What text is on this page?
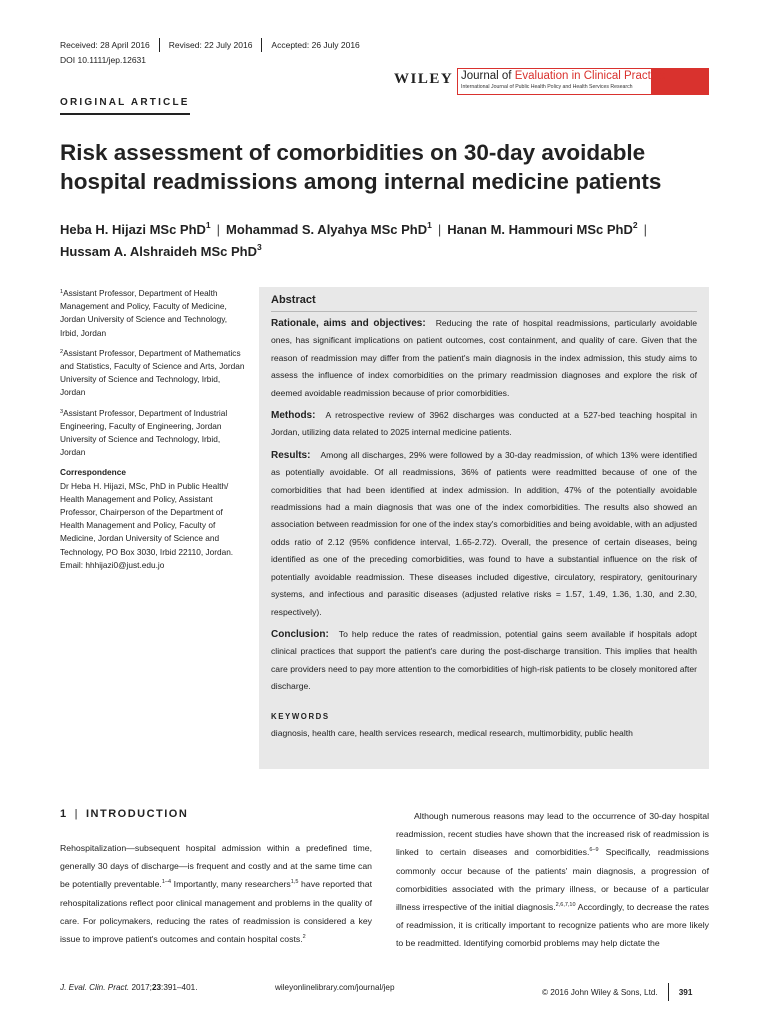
Received: 28 April 2016 Revised: 22 July 2016 Accepted: 26 July 2016
DOI 10.1111/jep.12631
WILEY Journal of Evaluation in Clinical Practice
International Journal of Public Health Policy and Health Services Research
ORIGINAL ARTICLE
Risk assessment of comorbidities on 30-day avoidable hospital readmissions among internal medicine patients
Heba H. Hijazi MSc PhD$^1$ | Mohammad S. Alyahya MSc PhD$^1$ | Hanan M. Hammouri MSc PhD$^2$ |
Hussam A. Alshraideh MSc PhD$^3$

$^1$Assistant Professor, Department of Health Management and Policy, Faculty of Medicine, Jordan University of Science and Technology, Irbid, Jordan

$^2$Assistant Professor, Department of Mathematics and Statistics, Faculty of Science and Arts, Jordan University of Science and Technology, Irbid, Jordan

$^3$Assistant Professor, Department of Industrial Engineering, Faculty of Engineering, Jordan University of Science and Technology, Irbid, Jordan

Correspondence

Dr Heba H. Hijazi, MSc, PhD in Public Health/ Health Management and Policy, Assistant Professor, Chairperson of the Department of Health Management and Policy, Faculty of Medicine, Jordan University of Science and Technology, PO Box 3030, Irbid 22110, Jordan. Email: hhhijazi0@just.edu.jo

Abstract

Rationale, aims and objectives: Reducing the rate of hospital readmissions, particularly avoidable ones, has significant implications on patient outcomes, cost containment, and quality of care. Given that the reason of readmission may differ from the patient's main diagnosis in the index admission, this study aims to assess the influence of index comorbidities on the primary readmission diagnoses and explore the risk of deemed avoidable readmission because of prior comorbidities.

Methods: A retrospective review of 3962 discharges was conducted at a 527-bed teaching hospital in Jordan, utilizing data related to 2025 internal medicine patients.

Results: Among all discharges, 29% were followed by a 30-day readmission, of which 13% were identified as potentially avoidable. Of all readmissions, 36% of patients were readmitted because of one of the comorbidities that had been identified at index admission. In addition, 47% of the potentially avoidable readmissions had a main diagnosis that was one of the index comorbidities. The results also showed an association between readmission for one of the index stay's comorbidities and being avoidable, with an adjusted odds ratio of 2.12 (95% confidence interval, 1.65-2.72). Overall, the presence of certain diseases, being identified as one of the preceding comorbidities, was found to have a substantial influence on the risk of potentially avoidable readmission. These diseases included digestive, circulatory, respiratory, genitourinary systems, and infectious and parasitic diseases (adjusted relative risks = 1.57, 1.49, 1.36, 1.30, and 2.30, respectively).

Conclusion: To help reduce the rates of readmission, potential gains seem available if hospitals adopt clinical practices that support the patient's care during the post-discharge transition. This implies that health care providers need to pay more attention to the comorbidities of high-risk patients to be closely monitored after discharge.

KEYWORDS

diagnosis, health care, health services research, medical research, multimorbidity, public health

1 | INTRODUCTION

Rehospitalization—subsequent hospital admission within a predefined time, generally 30 days of discharge—is frequent and costly and at the same time can be potentially preventable.$^{1-4}$ Importantly, many researchers$^{1,5}$ have reported that rehospitalizations reflect poor clinical management and problems in the quality of care. For policymakers, reducing the rates of readmission is considered a key issue to improve patient's outcomes and contain hospital costs.$^2$

Although numerous reasons may lead to the occurrence of 30-day hospital readmission, recent studies have shown that the increased risk of readmission is linked to certain diseases and comorbidities.$^{6-9}$ Specifically, readmissions commonly occur because of the patients' main diagnosis, a progression of comorbidities associated with the primary illness, or because of a particular illness irrespective of the initial diagnosis.$^{2,6,7,10}$ Accordingly, to decrease the rates of readmission, it is critically important to recognize patients who are more likely to be readmitted. Identifying comorbid problems may help dictate the

J. Eval. Clin. Pract. 2017;23:391–401.	wileyonlinelibrary.com/journal/jep	© 2016 John Wiley & Sons, Ltd.	391
